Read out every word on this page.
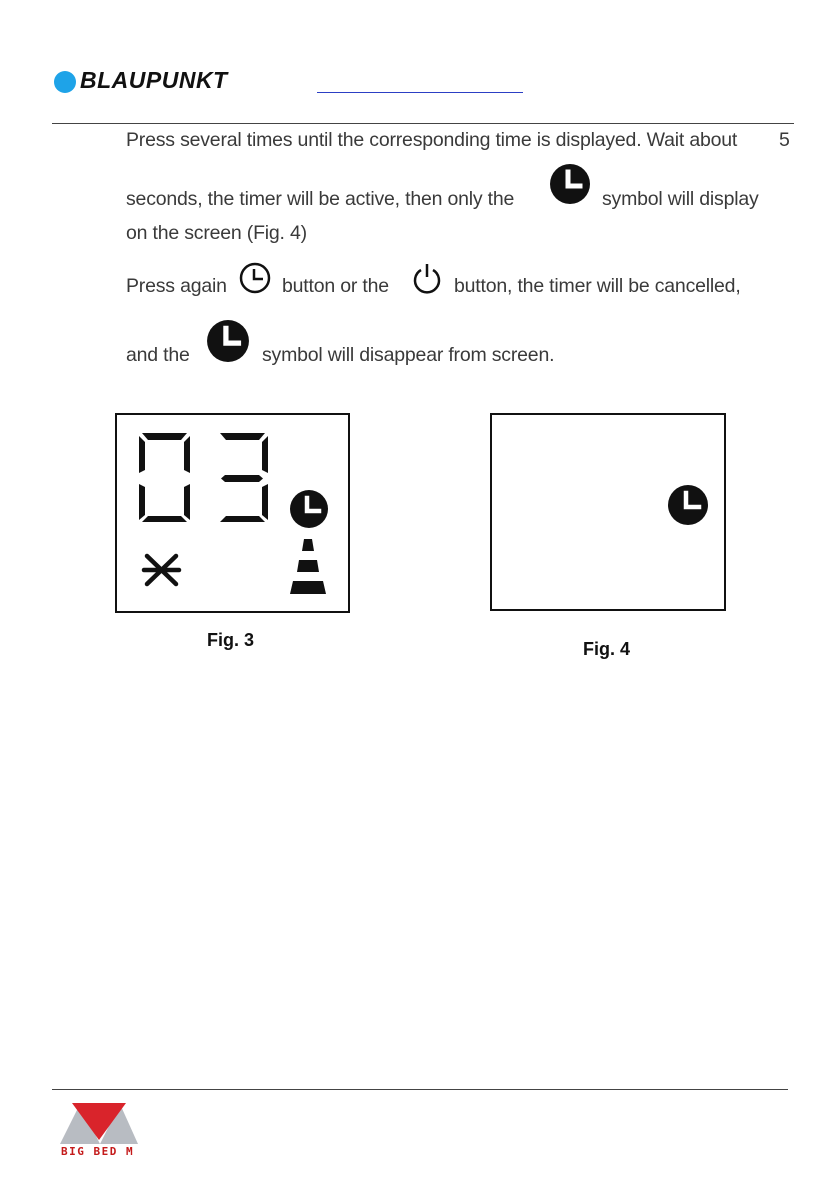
BLAUPUNKT
Press several times until the corresponding time is displayed. Wait about 5
seconds, the timer will be active, then only the	symbol will display
on the screen (Fig. 4)
Press again	button or the	button, the timer will be cancelled,
and the	symbol will disappear from screen.
Fig. 3	Fig. 4
BIG BED M
